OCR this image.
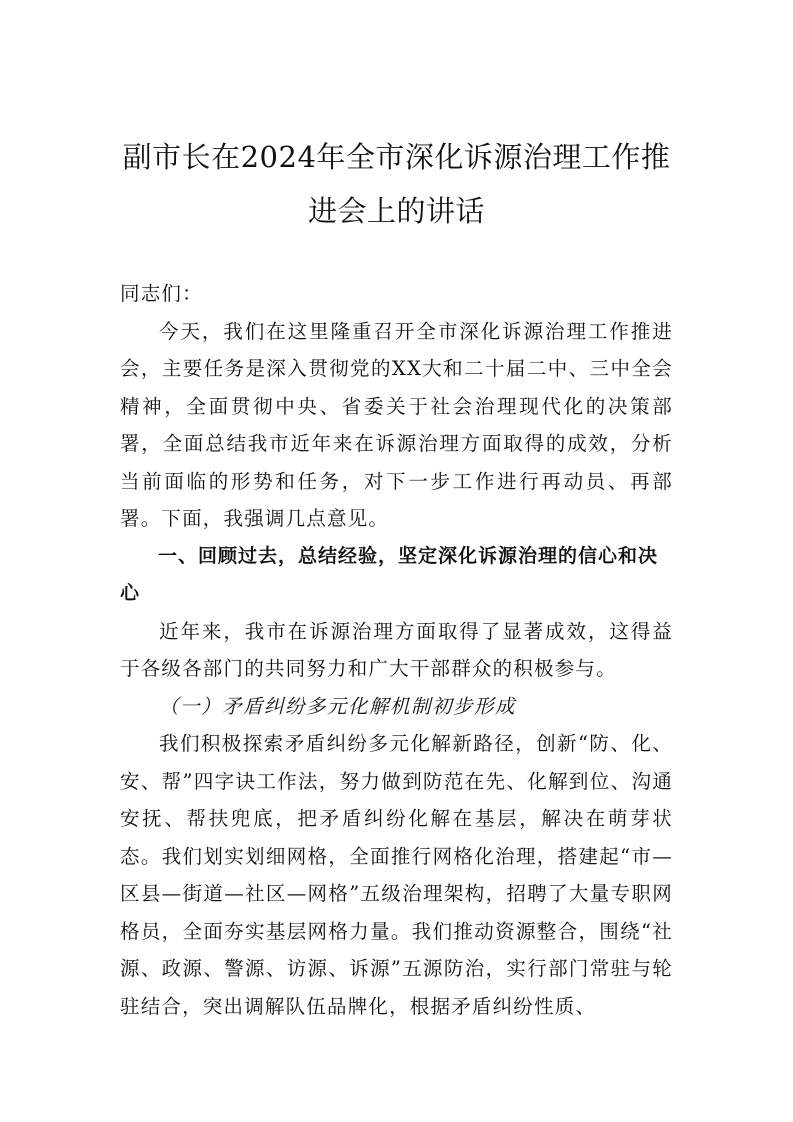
副市长在2024年全市深化诉源治理工作推
进会上的讲话

同志们：

今天，我们在这里隆重召开全市深化诉源治理工作推进会，主要任务是深入贯彻党的XX大和二十届二中、三中全会精神，全面贯彻中央、省委关于社会治理现代化的决策部署，全面总结我市近年来在诉源治理方面取得的成效，分析当前面临的形势和任务，对下一步工作进行再动员、再部署。下面，我强调几点意见。

一、回顾过去，总结经验，坚定深化诉源治理的信心和决心

近年来，我市在诉源治理方面取得了显著成效，这得益于各级各部门的共同努力和广大干部群众的积极参与。

（一）矛盾纠纷多元化解机制初步形成

我们积极探索矛盾纠纷多元化解新路径，创新“防、化、安、帮”四字诀工作法，努力做到防范在先、化解到位、沟通安抚、帮扶兜底，把矛盾纠纷化解在基层，解决在萌芽状态。我们划实划细网格，全面推行网格化治理，搭建起“市—区县—街道—社区—网格”五级治理架构，招聘了大量专职网格员，全面夯实基层网格力量。我们推动资源整合，围绕“社源、政源、警源、访源、诉源”五源防治，实行部门常驻与轮驻结合，突出调解队伍品牌化，根据矛盾纠纷性质、
